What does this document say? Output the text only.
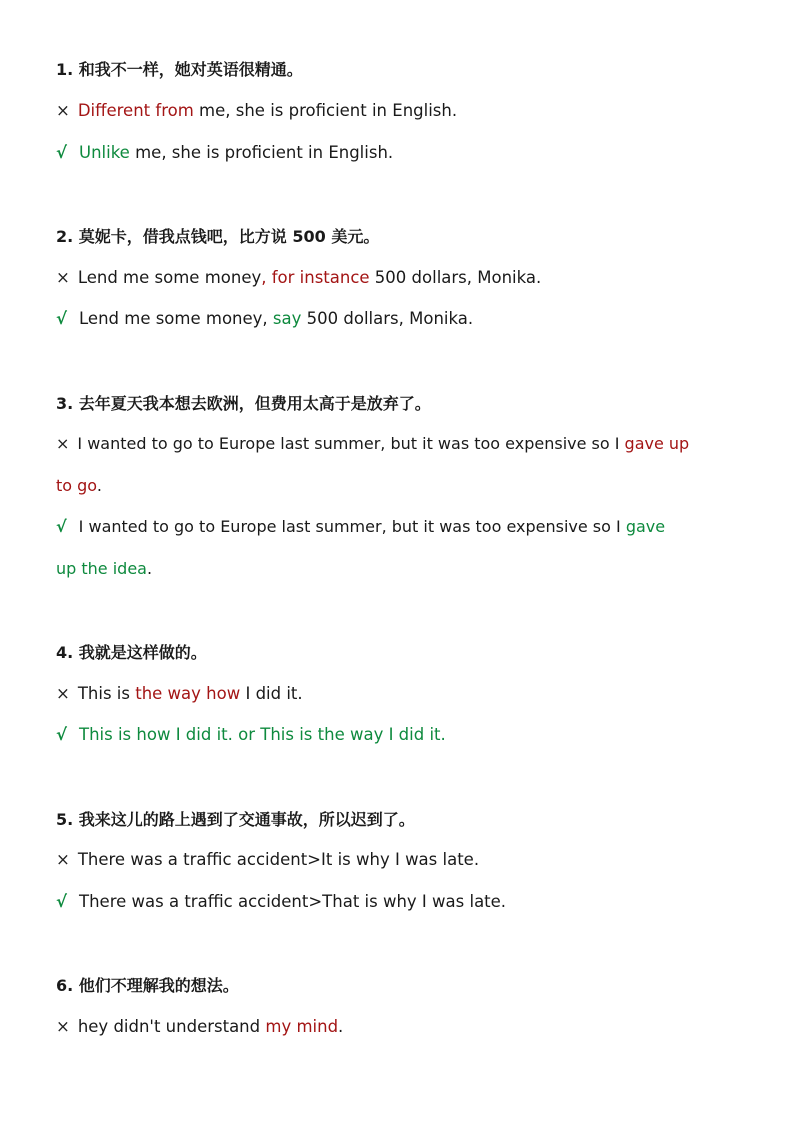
1. 和我不一样，她对英语很精通。
× Different from me, she is proficient in English.
√ Unlike me, she is proficient in English.
2. 莫妮卡，借我点钱吧，比方说 500 美元。
× Lend me some money, for instance 500 dollars, Monika.
√ Lend me some money, say 500 dollars, Monika.
3. 去年夏天我本想去欧洲，但费用太高于是放弃了。
× I wanted to go to Europe last summer, but it was too expensive so I gave up
to go.
√ I wanted to go to Europe last summer, but it was too expensive so I gave
up the idea.
4. 我就是这样做的。
× This is the way how I did it.
√ This is how I did it. or This is the way I did it.
5. 我来这儿的路上遇到了交通事故，所以迟到了。
× There was a traffic accident>It is why I was late.
√ There was a traffic accident>That is why I was late.
6. 他们不理解我的想法。
× hey didn't understand my mind.
